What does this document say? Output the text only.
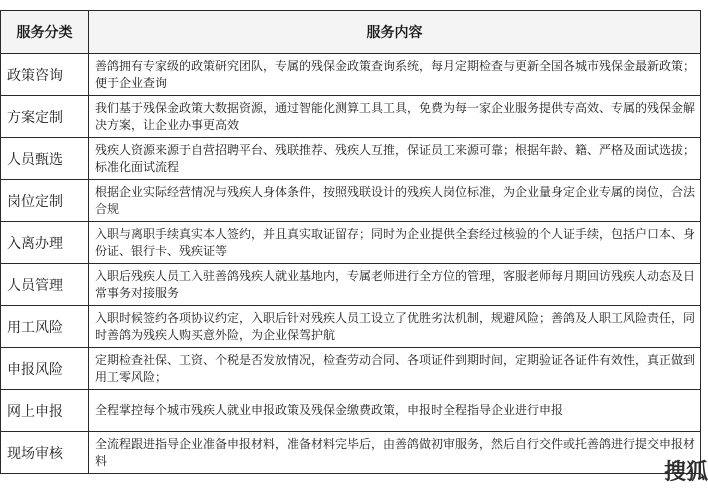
服务分类	服务内容
政策咨询	善鸽拥有专家级的政策研究团队，专属的残保金政策查询系统，每月定期检查与更新全国各城市残保金最新政策；便于企业查询

方案定制	我们基于残保金政策大数据资源，通过智能化测算工具工具，免费为每一家企业服务提供专高效、专属的残保金解决方案，让企业办事更高效

人员甄选	残疾人资源来源于自营招聘平台、残联推荐、残疾人互推，保证员工来源可靠；根据年龄、籍、严格及面试选拔；标准化面试流程

岗位定制	根据企业实际经营情况与残疾人身体条件，按照残联设计的残疾人岗位标准，为企业量身定企业专属的岗位，合法合规

入离办理	入职与离职手续真实本人签约，并且真实取证留存；同时为企业提供全套经过核验的个人证手续，包括户口本、身份证、银行卡、残疾证等

人员管理	入职后残疾人员工入驻善鸽残疾人就业基地内，专属老师进行全方位的管理，客服老师每月期回访残疾人动态及日常事务对接服务

用工风险	入职时候签约各项协议约定，入职后针对残疾人员工设立了优胜劣汰机制，规避风险；善鸽及人职工风险责任，同时善鸽为残疾人购买意外险，为企业保驾护航

申报风险	定期检查社保、工资、个税是否发放情况，检查劳动合同、各项证件到期时间，定期验证各证件有效性，真正做到用工零风险；

网上申报	全程掌控每个城市残疾人就业申报政策及残保金缴费政策，申报时全程指导企业进行申报

现场审核	全流程跟进指导企业准备申报材料，准备材料完毕后，由善鸽做初审服务，然后自行交件或托善鸽进行提交申报材料	搜狐
